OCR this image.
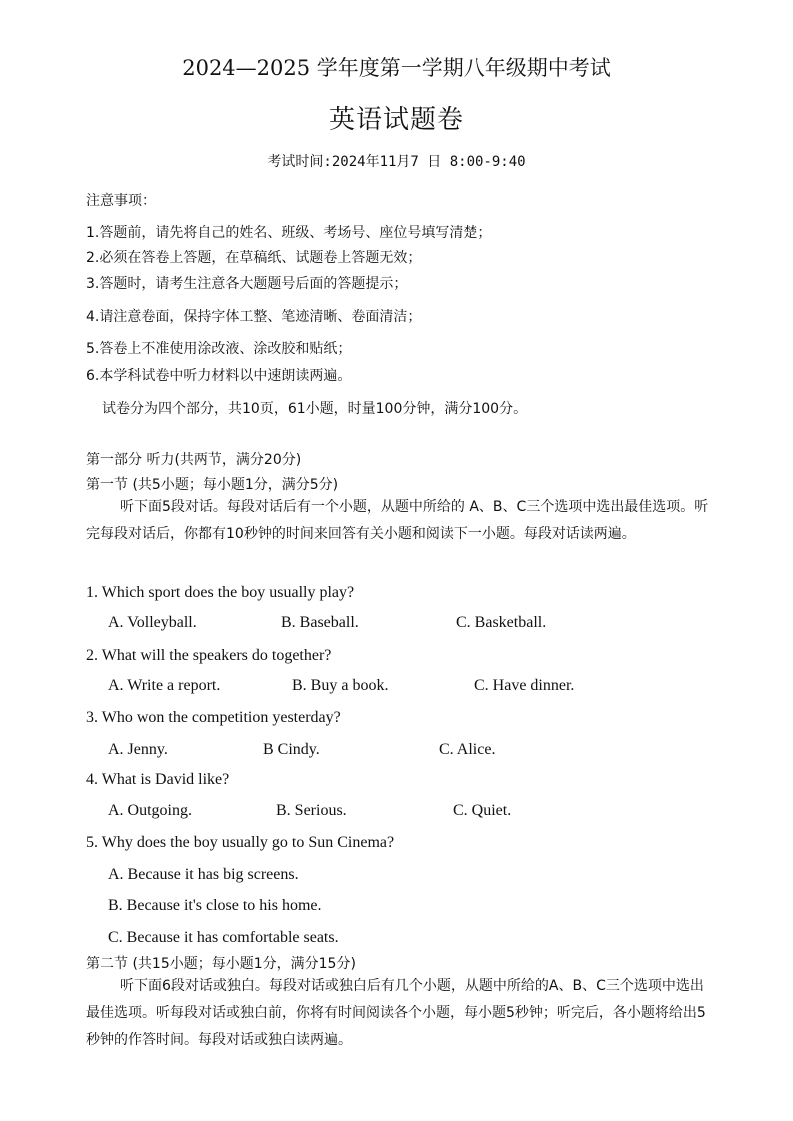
2024—2025 学年度第一学期八年级期中考试
英语试题卷
考试时间:2024年11月7 日 8:00-9:40
注意事项：
1.答题前，请先将自己的姓名、班级、考场号、座位号填写清楚；
2.必须在答卷上答题，在草稿纸、试题卷上答题无效；
3.答题时，请考生注意各大题题号后面的答题提示；
4.请注意卷面，保持字体工整、笔迹清晰、卷面清洁；
5.答卷上不准使用涂改液、涂改胶和贴纸；
6.本学科试卷中听力材料以中速朗读两遍。
试卷分为四个部分，共10页，61小题，时量100分钟，满分100分。
第一部分 听力(共两节，满分20分)
第一节 (共5小题；每小题1分，满分5分)
听下面5段对话。每段对话后有一个小题，从题中所给的 A、B、C三个选项中选出最佳选项。听完每段对话后，你都有10秒钟的时间来回答有关小题和阅读下一小题。每段对话读两遍。
1. Which sport does the boy usually play?
A. Volleyball.	B. Baseball.	C. Basketball.
2. What will the speakers do together?
A. Write a report.	B. Buy a book.	C. Have dinner.
3. Who won the competition yesterday?
A. Jenny.	B Cindy.	C. Alice.
4. What is David like?
A. Outgoing.	B. Serious.	C. Quiet.
5. Why does the boy usually go to Sun Cinema?
A. Because it has big screens.
B. Because it's close to his home.
C. Because it has comfortable seats.
第二节 (共15小题；每小题1分，满分15分)
听下面6段对话或独白。每段对话或独白后有几个小题，从题中所给的A、B、C三个选项中选出最佳选项。听每段对话或独白前，你将有时间阅读各个小题，每小题5秒钟；听完后，各小题将给出5秒钟的作答时间。每段对话或独白读两遍。
